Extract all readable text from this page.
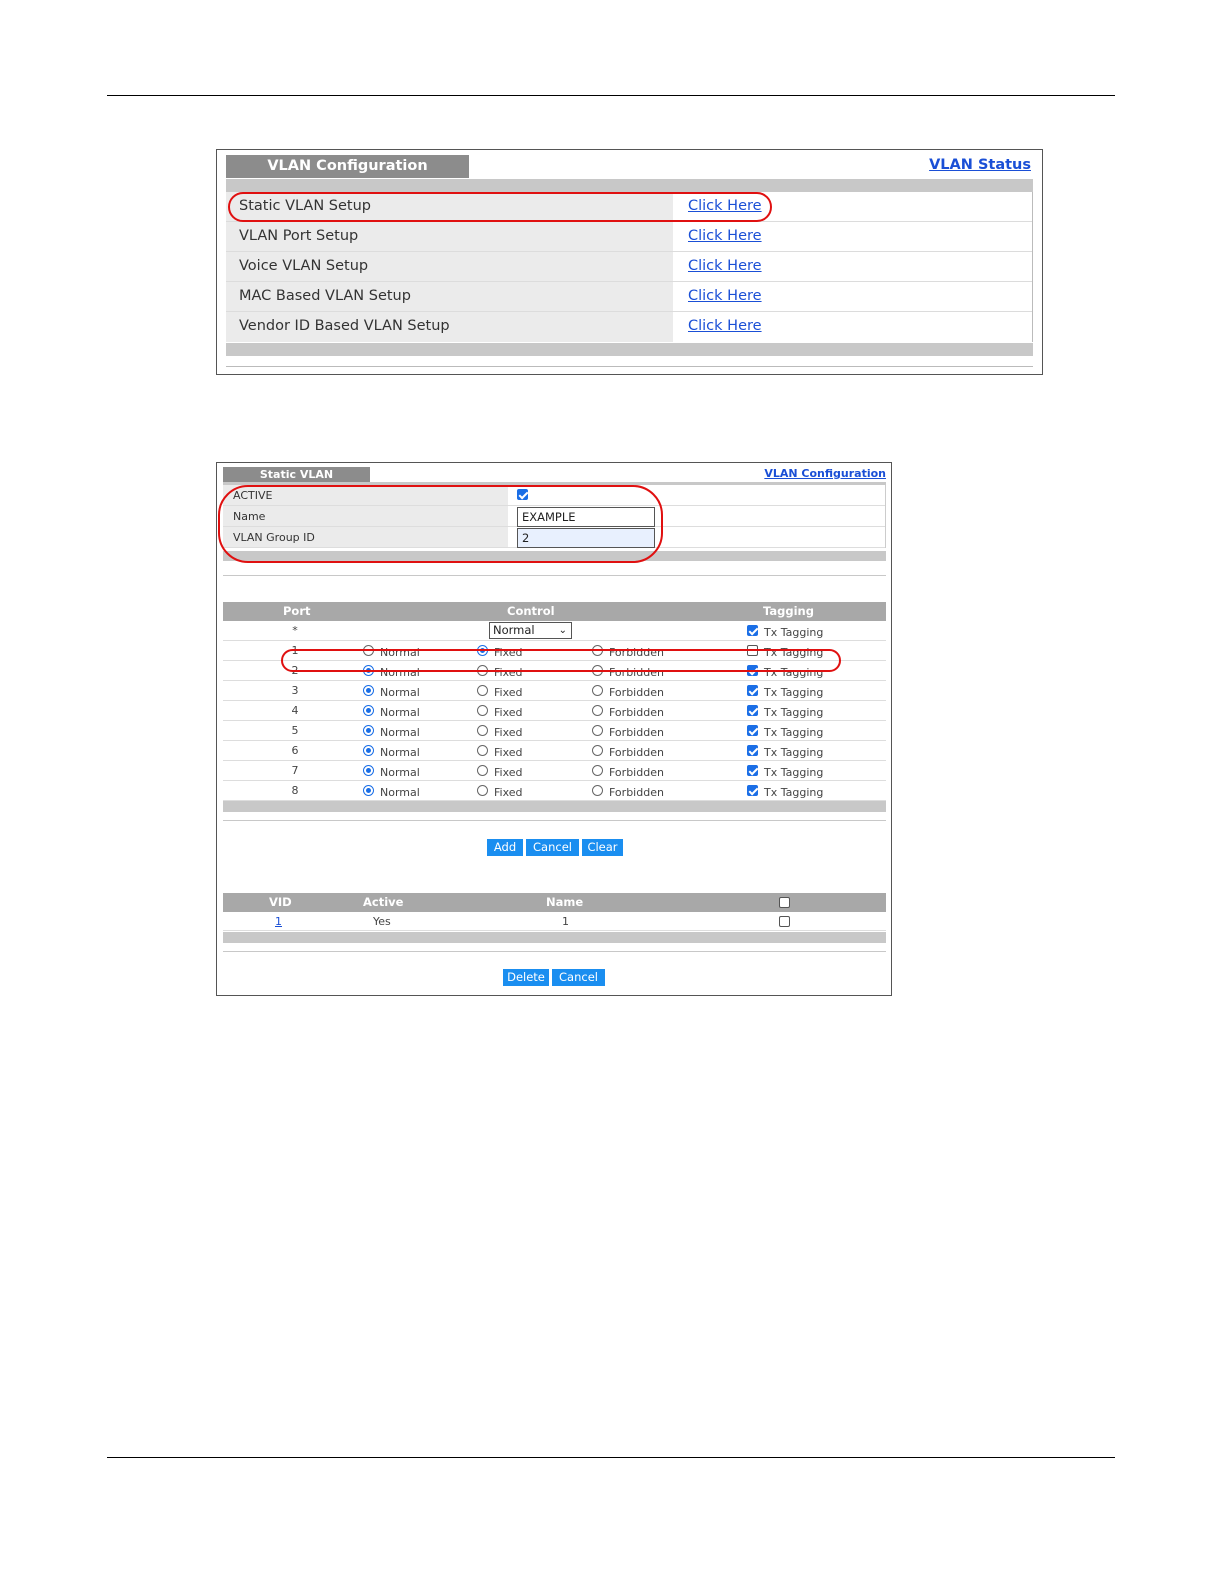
VLAN Configuration	VLAN Status
Static VLAN Setup	Click Here
VLAN Port Setup	Click Here
Voice VLAN Setup	Click Here
MAC Based VLAN Setup	Click Here
Vendor ID Based VLAN Setup	Click Here
Static VLAN	VLAN Configuration
ACTIVE
Name	EXAMPLE
VLAN Group ID	2
Port	Control	Tagging
*	Normal ⌄	Tx Tagging
1	Normal	Fixed	Forbidden	Tx Tagging
2	Normal	Fixed	Forbidden	Tx Tagging
3	Normal	Fixed	Forbidden	Tx Tagging
4	Normal	Fixed	Forbidden	Tx Tagging
5	Normal	Fixed	Forbidden	Tx Tagging
6	Normal	Fixed	Forbidden	Tx Tagging
7	Normal	Fixed	Forbidden	Tx Tagging
8	Normal	Fixed	Forbidden	Tx Tagging
Add	Cancel	Clear
VID	Active	Name
1	Yes	1
Delete	Cancel
